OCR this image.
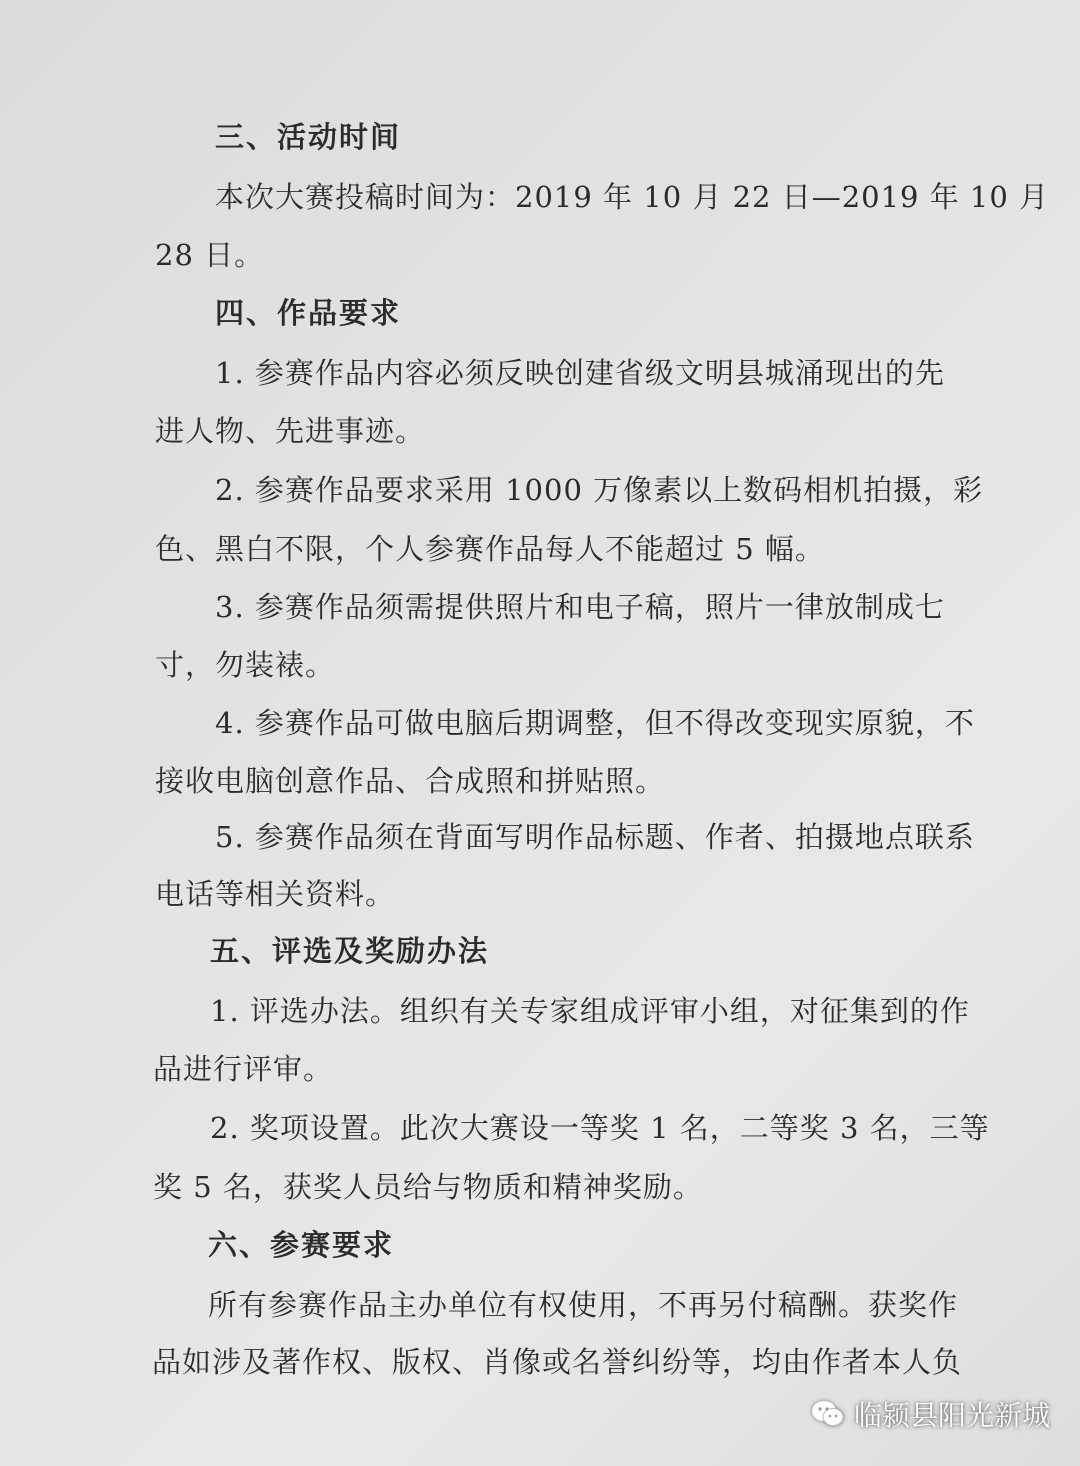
三、活动时间
本次大赛投稿时间为：2019 年 10 月 22 日—2019 年 10 月
28 日。
四、作品要求
1. 参赛作品内容必须反映创建省级文明县城涌现出的先
进人物、先进事迹。
2. 参赛作品要求采用 1000 万像素以上数码相机拍摄，彩
色、黑白不限，个人参赛作品每人不能超过 5 幅。
3. 参赛作品须需提供照片和电子稿，照片一律放制成七
寸，勿装裱。
4. 参赛作品可做电脑后期调整，但不得改变现实原貌，不
接收电脑创意作品、合成照和拼贴照。
5. 参赛作品须在背面写明作品标题、作者、拍摄地点联系
电话等相关资料。
五、评选及奖励办法
1. 评选办法。组织有关专家组成评审小组，对征集到的作
品进行评审。
2. 奖项设置。此次大赛设一等奖 1 名，二等奖 3 名，三等
奖 5 名，获奖人员给与物质和精神奖励。
六、参赛要求
所有参赛作品主办单位有权使用，不再另付稿酬。获奖作
品如涉及著作权、版权、肖像或名誉纠纷等，均由作者本人负
临颍县阳光新城
